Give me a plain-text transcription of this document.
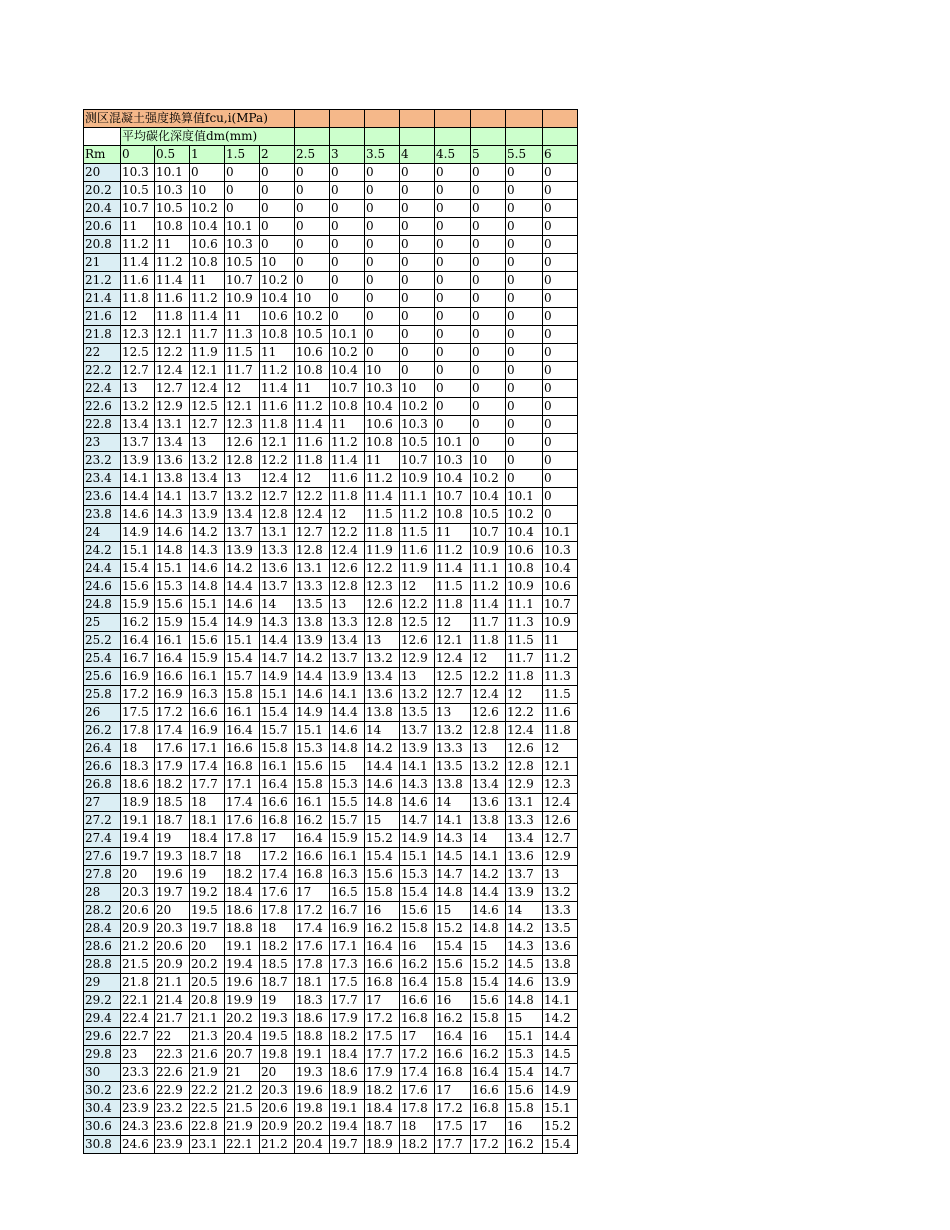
测区混凝土强度换算值fcu,i(MPa)													
	平均碳化深度值dm(mm)												
Rm	0	0.5	1	1.5	2	2.5	3	3.5	4	4.5	5	5.5	6
20	10.3	10.1	0	0	0	0	0	0	0	0	0	0	0
20.2	10.5	10.3	10	0	0	0	0	0	0	0	0	0	0
20.4	10.7	10.5	10.2	0	0	0	0	0	0	0	0	0	0
20.6	11	10.8	10.4	10.1	0	0	0	0	0	0	0	0	0
20.8	11.2	11	10.6	10.3	0	0	0	0	0	0	0	0	0
21	11.4	11.2	10.8	10.5	10	0	0	0	0	0	0	0	0
21.2	11.6	11.4	11	10.7	10.2	0	0	0	0	0	0	0	0
21.4	11.8	11.6	11.2	10.9	10.4	10	0	0	0	0	0	0	0
21.6	12	11.8	11.4	11	10.6	10.2	0	0	0	0	0	0	0
21.8	12.3	12.1	11.7	11.3	10.8	10.5	10.1	0	0	0	0	0	0
22	12.5	12.2	11.9	11.5	11	10.6	10.2	0	0	0	0	0	0
22.2	12.7	12.4	12.1	11.7	11.2	10.8	10.4	10	0	0	0	0	0
22.4	13	12.7	12.4	12	11.4	11	10.7	10.3	10	0	0	0	0
22.6	13.2	12.9	12.5	12.1	11.6	11.2	10.8	10.4	10.2	0	0	0	0
22.8	13.4	13.1	12.7	12.3	11.8	11.4	11	10.6	10.3	0	0	0	0
23	13.7	13.4	13	12.6	12.1	11.6	11.2	10.8	10.5	10.1	0	0	0
23.2	13.9	13.6	13.2	12.8	12.2	11.8	11.4	11	10.7	10.3	10	0	0
23.4	14.1	13.8	13.4	13	12.4	12	11.6	11.2	10.9	10.4	10.2	0	0
23.6	14.4	14.1	13.7	13.2	12.7	12.2	11.8	11.4	11.1	10.7	10.4	10.1	0
23.8	14.6	14.3	13.9	13.4	12.8	12.4	12	11.5	11.2	10.8	10.5	10.2	0
24	14.9	14.6	14.2	13.7	13.1	12.7	12.2	11.8	11.5	11	10.7	10.4	10.1
24.2	15.1	14.8	14.3	13.9	13.3	12.8	12.4	11.9	11.6	11.2	10.9	10.6	10.3
24.4	15.4	15.1	14.6	14.2	13.6	13.1	12.6	12.2	11.9	11.4	11.1	10.8	10.4
24.6	15.6	15.3	14.8	14.4	13.7	13.3	12.8	12.3	12	11.5	11.2	10.9	10.6
24.8	15.9	15.6	15.1	14.6	14	13.5	13	12.6	12.2	11.8	11.4	11.1	10.7
25	16.2	15.9	15.4	14.9	14.3	13.8	13.3	12.8	12.5	12	11.7	11.3	10.9
25.2	16.4	16.1	15.6	15.1	14.4	13.9	13.4	13	12.6	12.1	11.8	11.5	11
25.4	16.7	16.4	15.9	15.4	14.7	14.2	13.7	13.2	12.9	12.4	12	11.7	11.2
25.6	16.9	16.6	16.1	15.7	14.9	14.4	13.9	13.4	13	12.5	12.2	11.8	11.3
25.8	17.2	16.9	16.3	15.8	15.1	14.6	14.1	13.6	13.2	12.7	12.4	12	11.5
26	17.5	17.2	16.6	16.1	15.4	14.9	14.4	13.8	13.5	13	12.6	12.2	11.6
26.2	17.8	17.4	16.9	16.4	15.7	15.1	14.6	14	13.7	13.2	12.8	12.4	11.8
26.4	18	17.6	17.1	16.6	15.8	15.3	14.8	14.2	13.9	13.3	13	12.6	12
26.6	18.3	17.9	17.4	16.8	16.1	15.6	15	14.4	14.1	13.5	13.2	12.8	12.1
26.8	18.6	18.2	17.7	17.1	16.4	15.8	15.3	14.6	14.3	13.8	13.4	12.9	12.3
27	18.9	18.5	18	17.4	16.6	16.1	15.5	14.8	14.6	14	13.6	13.1	12.4
27.2	19.1	18.7	18.1	17.6	16.8	16.2	15.7	15	14.7	14.1	13.8	13.3	12.6
27.4	19.4	19	18.4	17.8	17	16.4	15.9	15.2	14.9	14.3	14	13.4	12.7
27.6	19.7	19.3	18.7	18	17.2	16.6	16.1	15.4	15.1	14.5	14.1	13.6	12.9
27.8	20	19.6	19	18.2	17.4	16.8	16.3	15.6	15.3	14.7	14.2	13.7	13
28	20.3	19.7	19.2	18.4	17.6	17	16.5	15.8	15.4	14.8	14.4	13.9	13.2
28.2	20.6	20	19.5	18.6	17.8	17.2	16.7	16	15.6	15	14.6	14	13.3
28.4	20.9	20.3	19.7	18.8	18	17.4	16.9	16.2	15.8	15.2	14.8	14.2	13.5
28.6	21.2	20.6	20	19.1	18.2	17.6	17.1	16.4	16	15.4	15	14.3	13.6
28.8	21.5	20.9	20.2	19.4	18.5	17.8	17.3	16.6	16.2	15.6	15.2	14.5	13.8
29	21.8	21.1	20.5	19.6	18.7	18.1	17.5	16.8	16.4	15.8	15.4	14.6	13.9
29.2	22.1	21.4	20.8	19.9	19	18.3	17.7	17	16.6	16	15.6	14.8	14.1
29.4	22.4	21.7	21.1	20.2	19.3	18.6	17.9	17.2	16.8	16.2	15.8	15	14.2
29.6	22.7	22	21.3	20.4	19.5	18.8	18.2	17.5	17	16.4	16	15.1	14.4
29.8	23	22.3	21.6	20.7	19.8	19.1	18.4	17.7	17.2	16.6	16.2	15.3	14.5
30	23.3	22.6	21.9	21	20	19.3	18.6	17.9	17.4	16.8	16.4	15.4	14.7
30.2	23.6	22.9	22.2	21.2	20.3	19.6	18.9	18.2	17.6	17	16.6	15.6	14.9
30.4	23.9	23.2	22.5	21.5	20.6	19.8	19.1	18.4	17.8	17.2	16.8	15.8	15.1
30.6	24.3	23.6	22.8	21.9	20.9	20.2	19.4	18.7	18	17.5	17	16	15.2
30.8	24.6	23.9	23.1	22.1	21.2	20.4	19.7	18.9	18.2	17.7	17.2	16.2	15.4
